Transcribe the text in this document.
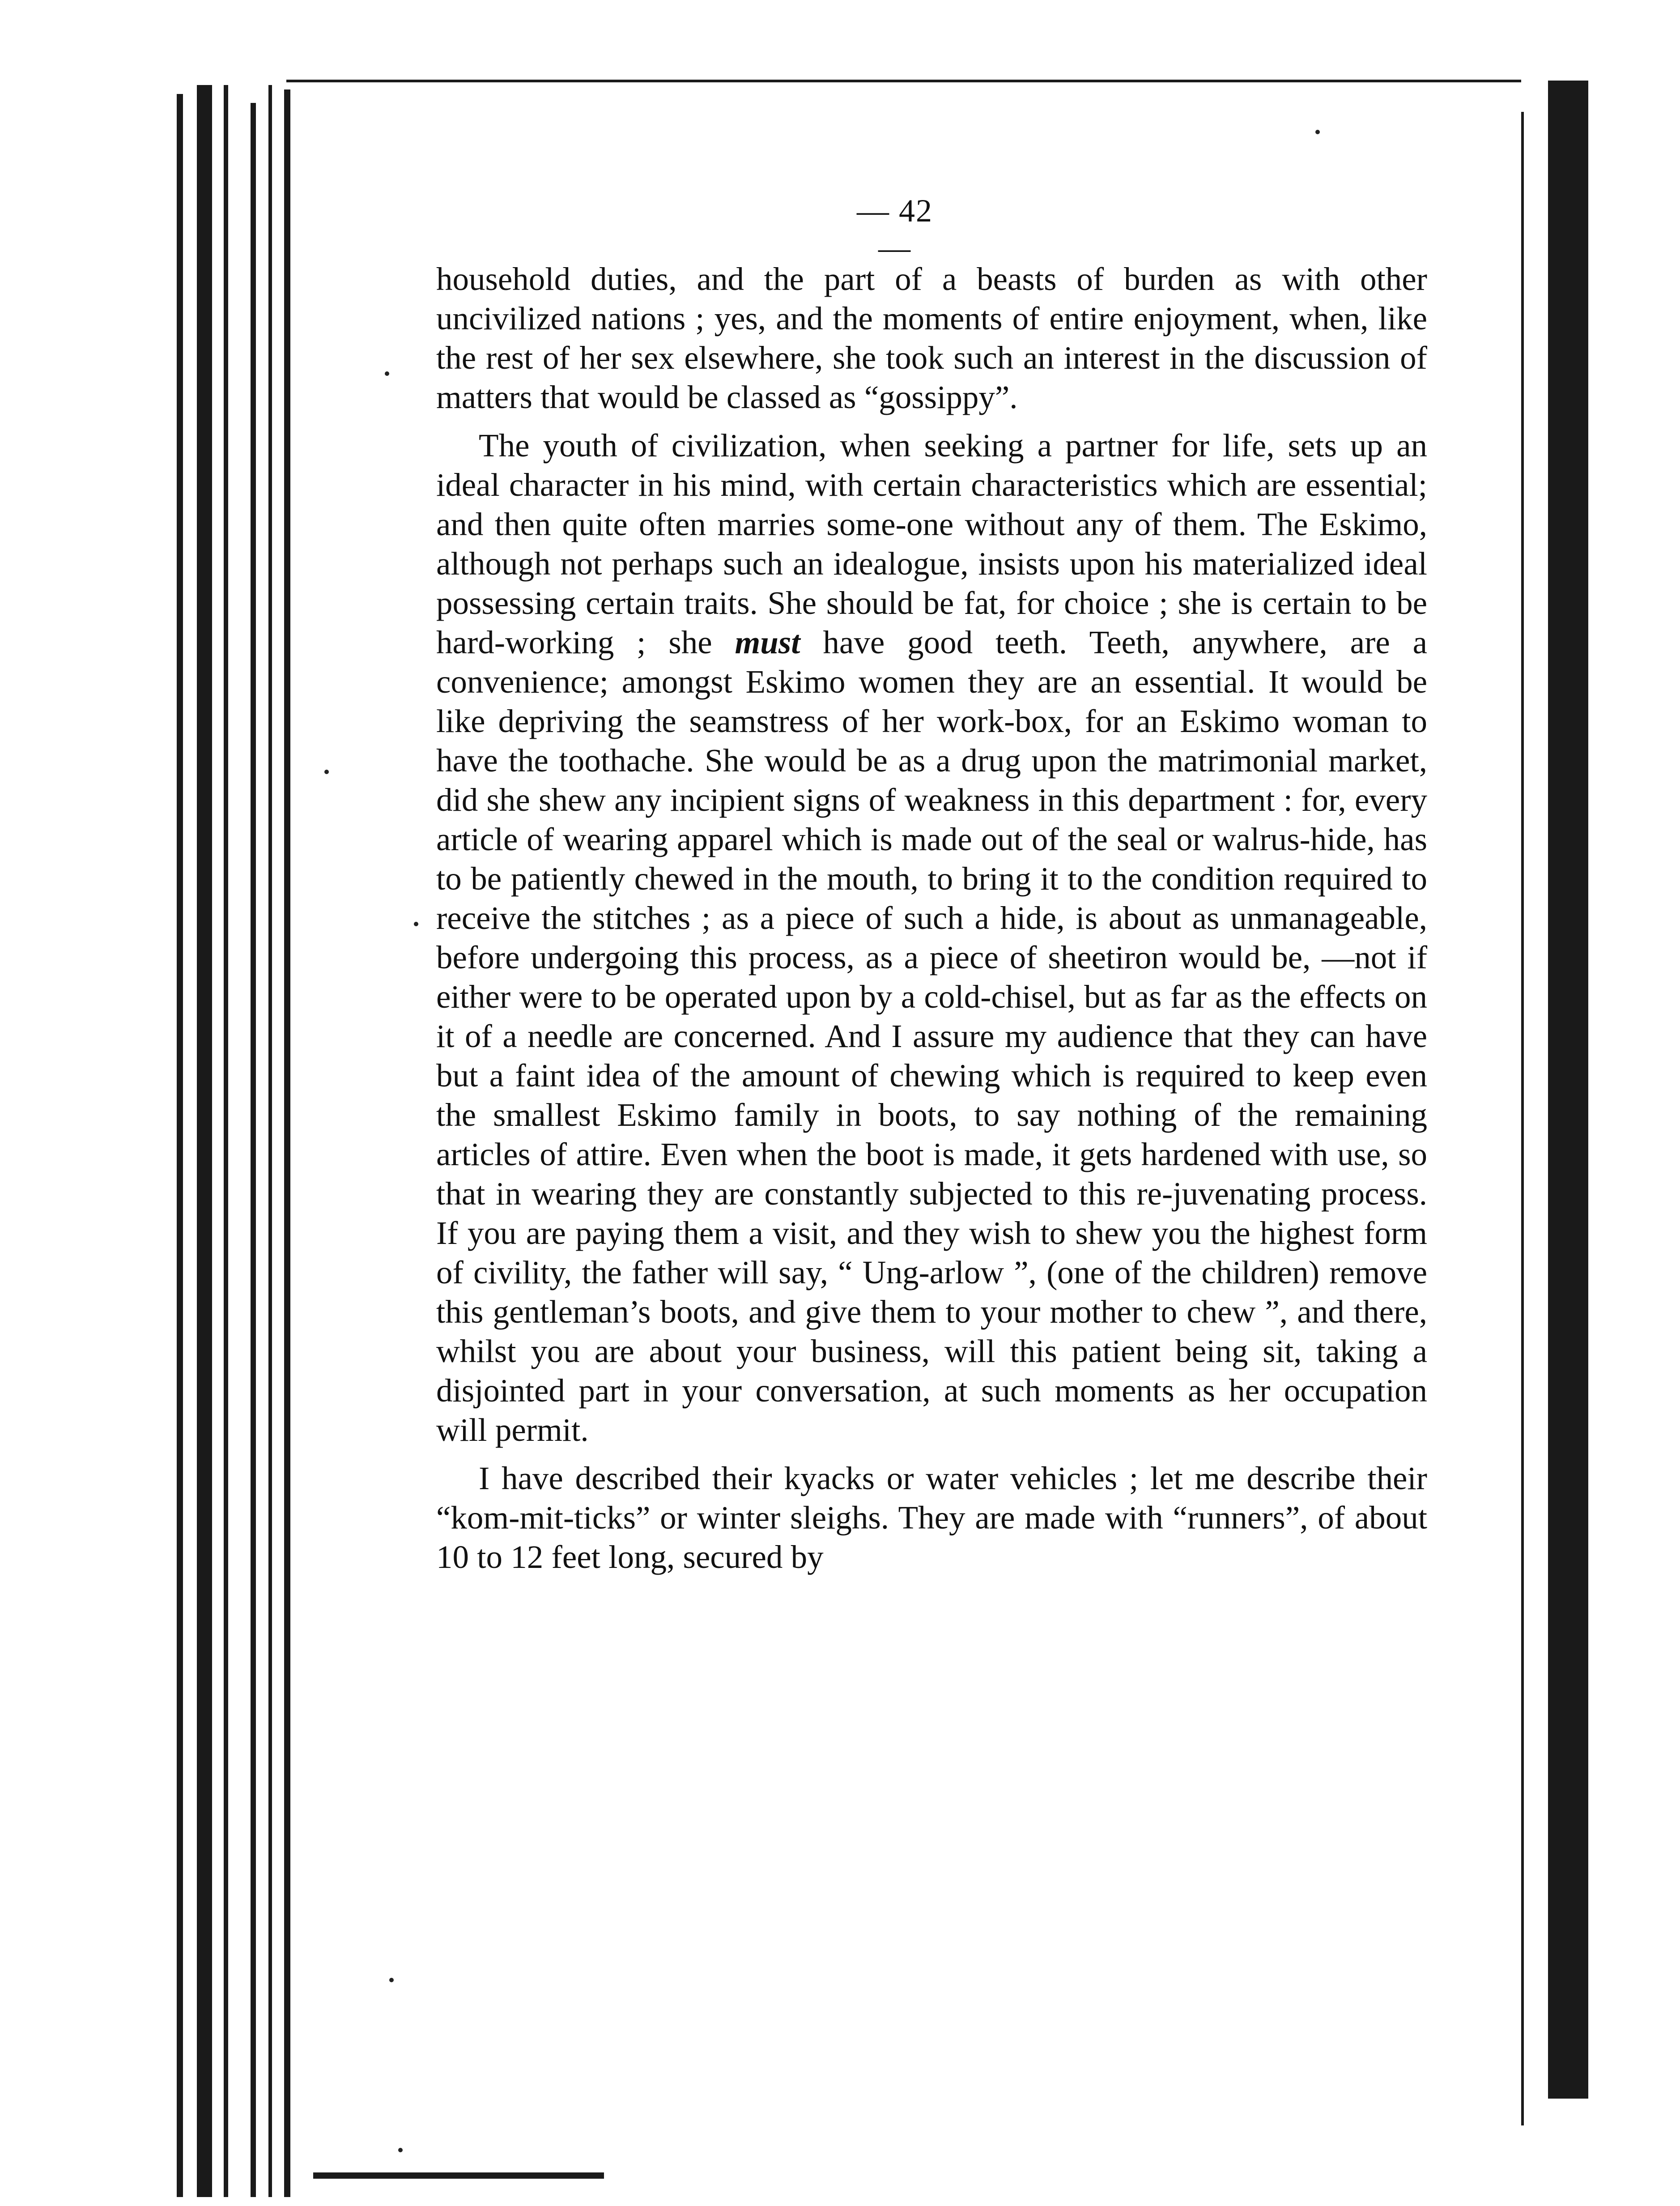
— 42 —

household duties, and the part of a beasts of burden as with other uncivilized nations ; yes, and the moments of entire enjoyment, when, like the rest of her sex elsewhere, she took such an interest in the discussion of matters that would be classed as “gossippy”.

The youth of civilization, when seeking a partner for life, sets up an ideal character in his mind, with certain characteristics which are essential; and then quite often marries some-one without any of them. The Eskimo, although not perhaps such an idealogue, insists upon his materialized ideal possessing certain traits. She should be fat, for choice ; she is certain to be hard-working ; she must have good teeth. Teeth, anywhere, are a convenience; amongst Eskimo women they are an essential. It would be like depriving the seamstress of her work-box, for an Eskimo woman to have the toothache. She would be as a drug upon the matrimonial market, did she shew any incipient signs of weakness in this department : for, every article of wearing apparel which is made out of the seal or walrus-hide, has to be patiently chewed in the mouth, to bring it to the condition required to receive the stitches ; as a piece of such a hide, is about as unmanageable, before undergoing this process, as a piece of sheetiron would be, —not if either were to be operated upon by a cold-chisel, but as far as the effects on it of a needle are concerned. And I assure my audience that they can have but a faint idea of the amount of chewing which is required to keep even the smallest Eskimo family in boots, to say nothing of the remaining articles of attire. Even when the boot is made, it gets hardened with use, so that in wearing they are constantly subjected to this re-juvenating process. If you are paying them a visit, and they wish to shew you the highest form of civility, the father will say, “ Ung-arlow ”, (one of the children) remove this gentleman’s boots, and give them to your mother to chew ”, and there, whilst you are about your business, will this patient being sit, taking a disjointed part in your conversation, at such moments as her occupation will permit.

I have described their kyacks or water vehicles ; let me describe their “kom-mit-ticks” or winter sleighs. They are made with “runners”, of about 10 to 12 feet long, secured by
